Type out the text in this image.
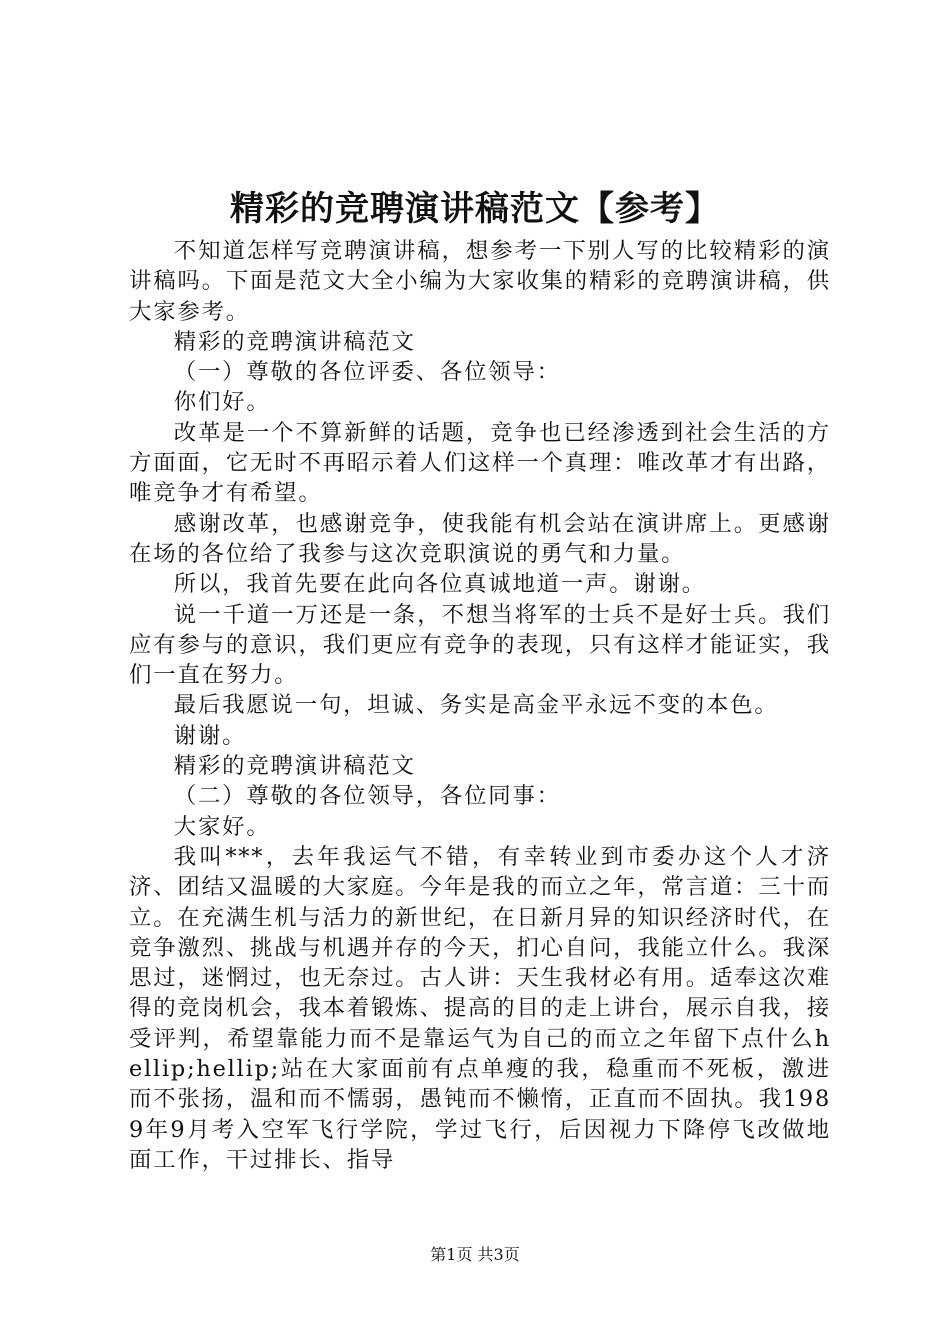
精彩的竞聘演讲稿范文【参考】

不知道怎样写竞聘演讲稿，想参考一下别人写的比较精彩的演讲稿吗。下面是范文大全小编为大家收集的精彩的竞聘演讲稿，供大家参考。

精彩的竞聘演讲稿范文

（一）尊敬的各位评委、各位领导：

你们好。

改革是一个不算新鲜的话题，竞争也已经渗透到社会生活的方方面面，它无时不再昭示着人们这样一个真理：唯改革才有出路，唯竞争才有希望。

感谢改革，也感谢竞争，使我能有机会站在演讲席上。更感谢在场的各位给了我参与这次竞职演说的勇气和力量。

所以，我首先要在此向各位真诚地道一声。谢谢。

说一千道一万还是一条，不想当将军的士兵不是好士兵。我们应有参与的意识，我们更应有竞争的表现，只有这样才能证实，我们一直在努力。

最后我愿说一句，坦诚、务实是高金平永远不变的本色。

谢谢。

精彩的竞聘演讲稿范文

（二）尊敬的各位领导，各位同事：

大家好。

我叫***，去年我运气不错，有幸转业到市委办这个人才济济、团结又温暖的大家庭。今年是我的而立之年，常言道：三十而立。在充满生机与活力的新世纪，在日新月异的知识经济时代，在竞争激烈、挑战与机遇并存的今天，扪心自问，我能立什么。我深思过，迷惘过，也无奈过。古人讲：天生我材必有用。适奉这次难得的竞岗机会，我本着锻炼、提高的目的走上讲台，展示自我，接受评判，希望靠能力而不是靠运气为自己的而立之年留下点什么hellip;hellip;站在大家面前有点单瘦的我，稳重而不死板，激进而不张扬，温和而不懦弱，愚钝而不懒惰，正直而不固执。我1989年9月考入空军飞行学院，学过飞行，后因视力下降停飞改做地面工作，干过排长、指导

第1页 共3页
